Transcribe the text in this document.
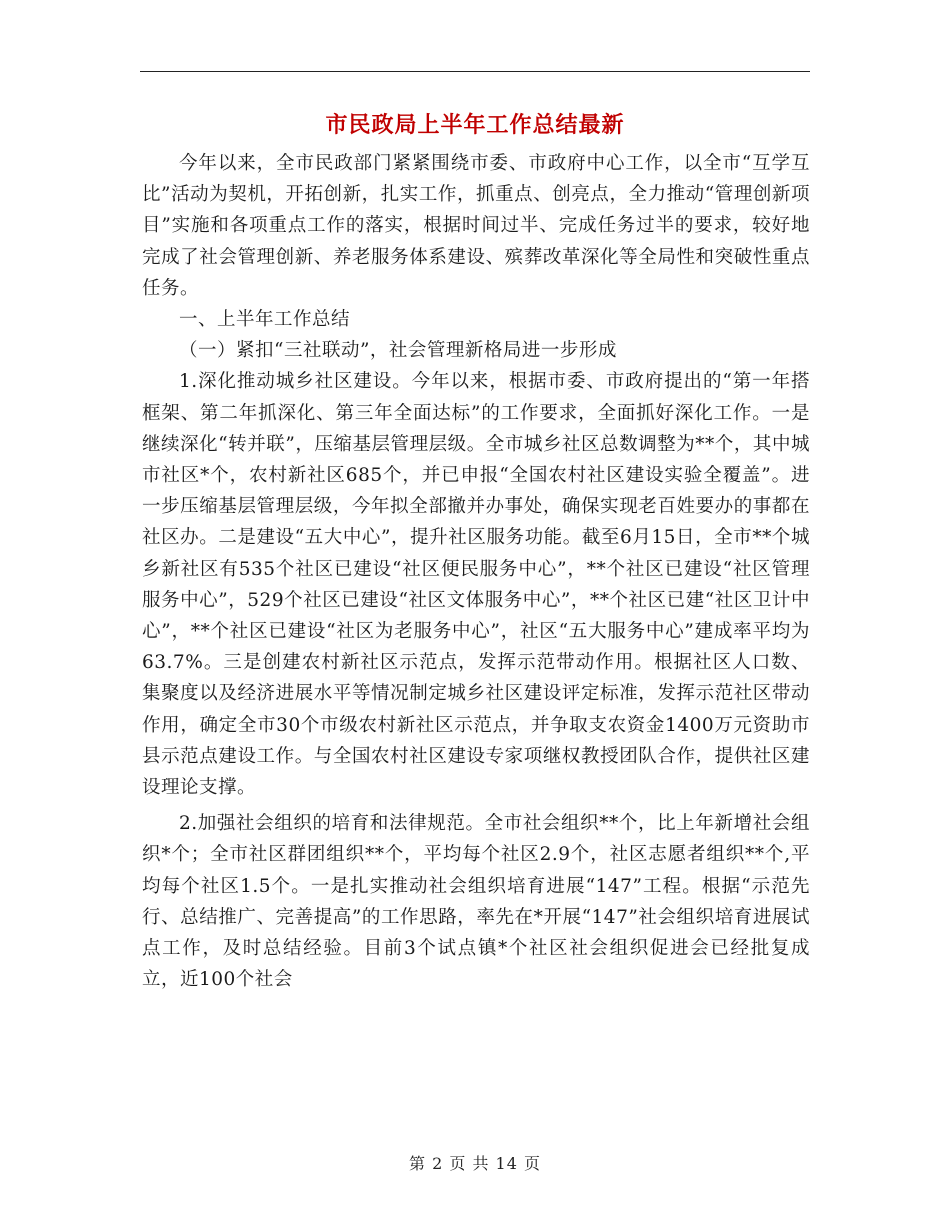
市民政局上半年工作总结最新

今年以来，全市民政部门紧紧围绕市委、市政府中心工作，以全市“互学互比”活动为契机，开拓创新，扎实工作，抓重点、创亮点，全力推动“管理创新项目”实施和各项重点工作的落实，根据时间过半、完成任务过半的要求，较好地完成了社会管理创新、养老服务体系建设、殡葬改革深化等全局性和突破性重点任务。

一、上半年工作总结

（一）紧扣“三社联动”，社会管理新格局进一步形成

1.深化推动城乡社区建设。今年以来，根据市委、市政府提出的“第一年搭框架、第二年抓深化、第三年全面达标”的工作要求，全面抓好深化工作。一是继续深化“转并联”，压缩基层管理层级。全市城乡社区总数调整为**个，其中城市社区*个，农村新社区685个，并已申报“全国农村社区建设实验全覆盖”。进一步压缩基层管理层级，今年拟全部撤并办事处，确保实现老百姓要办的事都在社区办。二是建设“五大中心”，提升社区服务功能。截至6月15日，全市**个城乡新社区有535个社区已建设“社区便民服务中心”，**个社区已建设“社区管理服务中心”，529个社区已建设“社区文体服务中心”，**个社区已建“社区卫计中心”，**个社区已建设“社区为老服务中心”，社区“五大服务中心”建成率平均为63.7%。三是创建农村新社区示范点，发挥示范带动作用。根据社区人口数、集聚度以及经济进展水平等情况制定城乡社区建设评定标准，发挥示范社区带动作用，确定全市30个市级农村新社区示范点，并争取支农资金1400万元资助市县示范点建设工作。与全国农村社区建设专家项继权教授团队合作，提供社区建设理论支撑。

2.加强社会组织的培育和法律规范。全市社会组织**个，比上年新增社会组织*个；全市社区群团组织**个，平均每个社区2.9个，社区志愿者组织**个,平均每个社区1.5个。一是扎实推动社会组织培育进展“147”工程。根据“示范先行、总结推广、完善提高”的工作思路，率先在*开展“147”社会组织培育进展试点工作，及时总结经验。目前3个试点镇*个社区社会组织促进会已经批复成立，近100个社会

第 2 页 共 14 页
